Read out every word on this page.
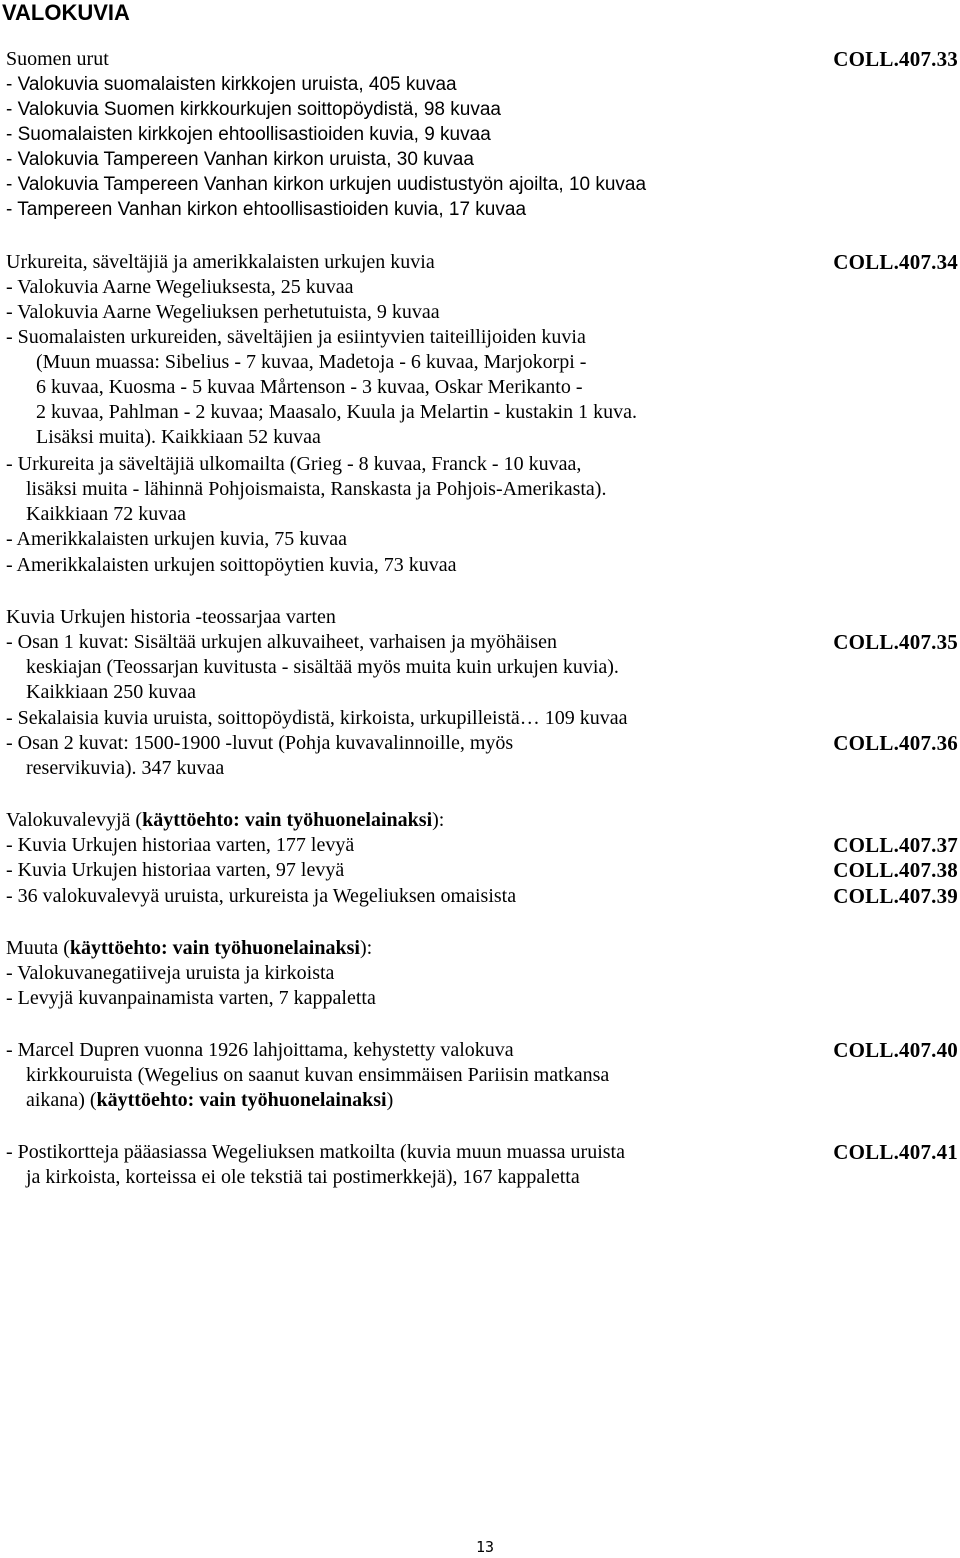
VALOKUVIA
Suomen urut	COLL.407.33
- Valokuvia suomalaisten kirkkojen uruista, 405 kuvaa
- Valokuvia Suomen kirkkourkujen soittopöydistä, 98 kuvaa
- Suomalaisten kirkkojen ehtoollisastioiden kuvia, 9 kuvaa
- Valokuvia Tampereen Vanhan kirkon uruista, 30 kuvaa
- Valokuvia Tampereen Vanhan kirkon urkujen uudistustyön ajoilta, 10 kuvaa
- Tampereen Vanhan kirkon ehtoollisastioiden kuvia, 17 kuvaa
Urkureita, säveltäjiä ja amerikkalaisten urkujen kuvia	COLL.407.34
- Valokuvia Aarne Wegeliuksesta, 25 kuvaa
- Valokuvia Aarne Wegeliuksen perhetutuista, 9 kuvaa
- Suomalaisten urkureiden, säveltäjien ja esiintyvien taiteillijoiden kuvia
(Muun muassa: Sibelius - 7 kuvaa, Madetoja - 6 kuvaa, Marjokorpi -
6 kuvaa, Kuosma - 5 kuvaa Mårtenson - 3 kuvaa, Oskar Merikanto -
2 kuvaa, Pahlman - 2 kuvaa; Maasalo, Kuula ja Melartin - kustakin 1 kuva.
Lisäksi muita). Kaikkiaan 52 kuvaa
- Urkureita ja säveltäjiä ulkomailta (Grieg - 8 kuvaa, Franck - 10 kuvaa,
lisäksi muita - lähinnä Pohjoismaista, Ranskasta ja Pohjois-Amerikasta).
Kaikkiaan 72 kuvaa
- Amerikkalaisten urkujen kuvia, 75 kuvaa
- Amerikkalaisten urkujen soittopöytien kuvia, 73 kuvaa
Kuvia Urkujen historia -teossarjaa varten
- Osan 1 kuvat: Sisältää urkujen alkuvaiheet, varhaisen ja myöhäisen	COLL.407.35
keskiajan (Teossarjan kuvitusta - sisältää myös muita kuin urkujen kuvia).
Kaikkiaan 250 kuvaa
- Sekalaisia kuvia uruista, soittopöydistä, kirkoista, urkupilleistä… 109 kuvaa
- Osan 2 kuvat: 1500-1900 -luvut (Pohja kuvavalinnoille, myös	COLL.407.36
reservikuvia). 347 kuvaa
Valokuvalevyjä (käyttöehto: vain työhuonelainaksi):
- Kuvia Urkujen historiaa varten, 177 levyä	COLL.407.37
- Kuvia Urkujen historiaa varten, 97 levyä	COLL.407.38
- 36 valokuvalevyä uruista, urkureista ja Wegeliuksen omaisista	COLL.407.39
Muuta (käyttöehto: vain työhuonelainaksi):
- Valokuvanegatiiveja uruista ja kirkoista
- Levyjä kuvanpainamista varten, 7 kappaletta
- Marcel Dupren vuonna 1926 lahjoittama, kehystetty valokuva	COLL.407.40
kirkkouruista (Wegelius on saanut kuvan ensimmäisen Pariisin matkansa
aikana) (käyttöehto: vain työhuonelainaksi)
- Postikortteja pääasiassa Wegeliuksen matkoilta (kuvia muun muassa uruista	COLL.407.41
ja kirkoista, korteissa ei ole tekstiä tai postimerkkejä), 167 kappaletta
13
